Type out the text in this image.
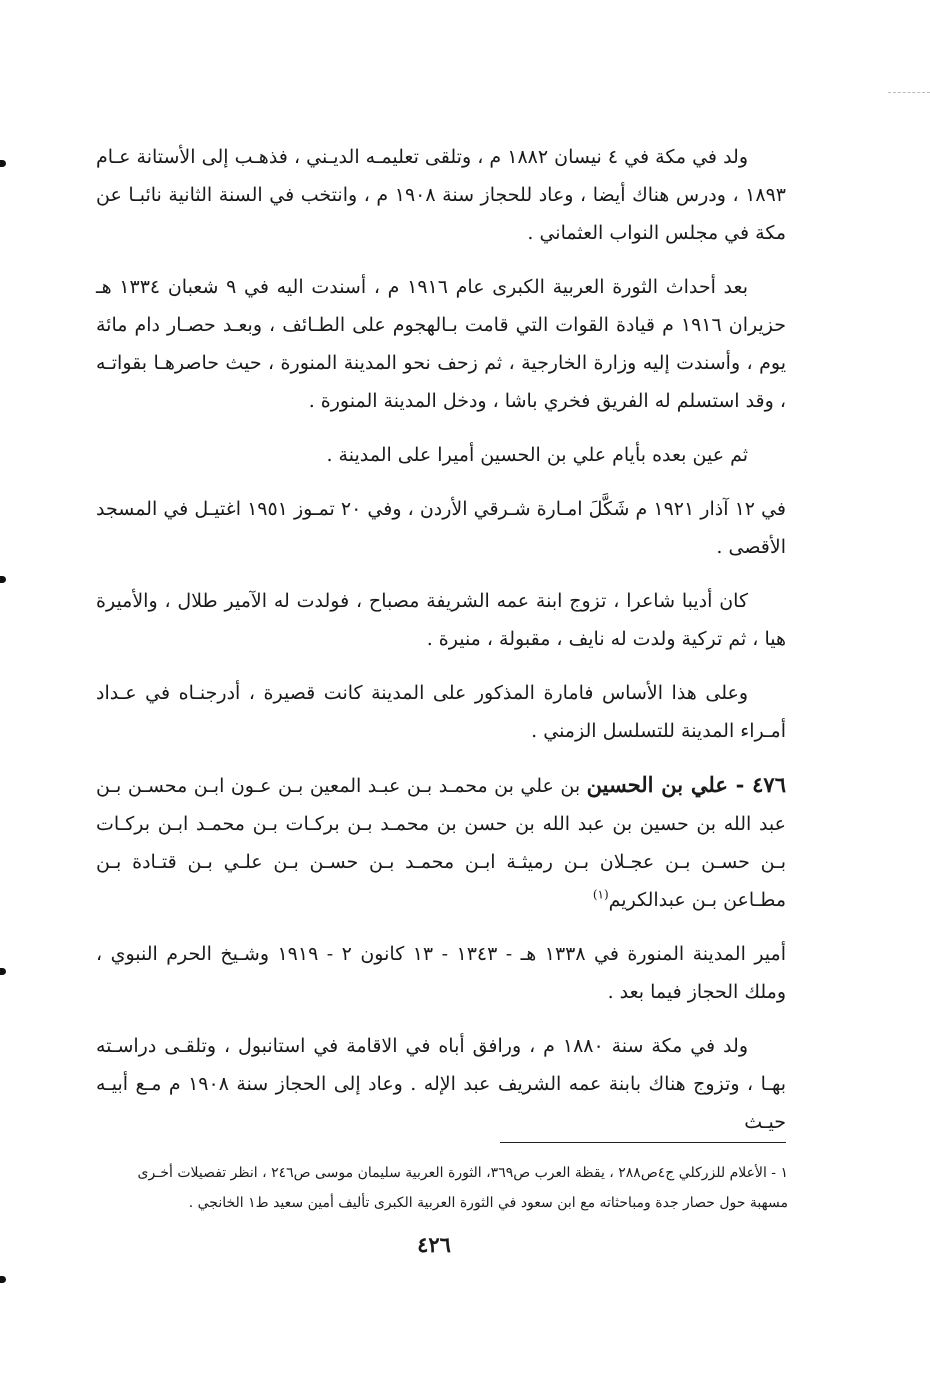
ولد في مكة في ٤ نيسان ١٨٨٢ م ، وتلقى تعليمـه الديـني ، فذهـب إلى الأستانة عـام ١٨٩٣ ، ودرس هناك أيضا ، وعاد للحجاز سنة ١٩٠٨ م ، وانتخب في السنة الثانية نائبـا عن مكة في مجلس النواب العثماني .

بعد أحداث الثورة العربية الكبرى عام ١٩١٦ م ، أسندت اليه في ٩ شعبان ١٣٣٤ هـ حزيران ١٩١٦ م قيادة القوات التي قامت بـالهجوم على الطـائف ، وبعـد حصـار دام مائة يوم ، وأسندت إليه وزارة الخارجية ، ثم زحف نحو المدينة المنورة ، حيث حاصرهـا بقواتـه ، وقد استسلم له الفريق فخري باشا ، ودخل المدينة المنورة .

ثم عين بعده بأيام علي بن الحسين أميرا على المدينة .

في ١٢ آذار ١٩٢١ م شَكَّلَ امـارة شـرقي الأردن ، وفي ٢٠ تمـوز ١٩٥١ اغتيـل في المسجد الأقصى .

كان أديبا شاعرا ، تزوج ابنة عمه الشريفة مصباح ، فولدت له الآمير طلال ، والأميرة هيا ، ثم تركية ولدت له نايف ، مقبولة ، منيرة .

وعلى هذا الأساس فامارة المذكور على المدينة كانت قصيرة ، أدرجنـاه في عـداد أمـراء المدينة للتسلسل الزمني .

٤٧٦ - علي بن الحسين بن علي بن محمـد بـن عبـد المعين بـن عـون ابـن محسـن بـن عبد الله بن حسين بن عبد الله بن حسن بن محمـد بـن بركـات بـن محمـد ابـن بركـات بـن حسـن بـن عجـلان بـن رميثـة ابـن محمـد بـن حسـن بـن علـي بـن قتـادة بـن مطـاعن بـن عبدالكريم$^{(١)}$

أمير المدينة المنورة في ١٣٣٨ هـ - ١٣٤٣ - ١٣ كانون ٢ - ١٩١٩ وشـيخ الحرم النبوي ، وملك الحجاز فيما بعد .

ولد في مكة سنة ١٨٨٠ م ، ورافق أباه في الاقامة في استانبول ، وتلقـى دراسـته بهـا ، وتزوج هناك بابنة عمه الشريف عبد الإله . وعاد إلى الحجاز سنة ١٩٠٨ م مـع أبيـه حيـث

١ - الأعلام للزركلي ج٤ص٢٨٨ ، يقظة العرب ص٣٦٩، الثورة العربية سليمان موسى ص٢٤٦ ، انظر تفصيلات أخـرى

مسهبة حول حصار جدة ومباحثاته مع ابن سعود في الثورة العربية الكبرى تأليف أمين سعيد ط١ الخانجي .

٤٢٦
